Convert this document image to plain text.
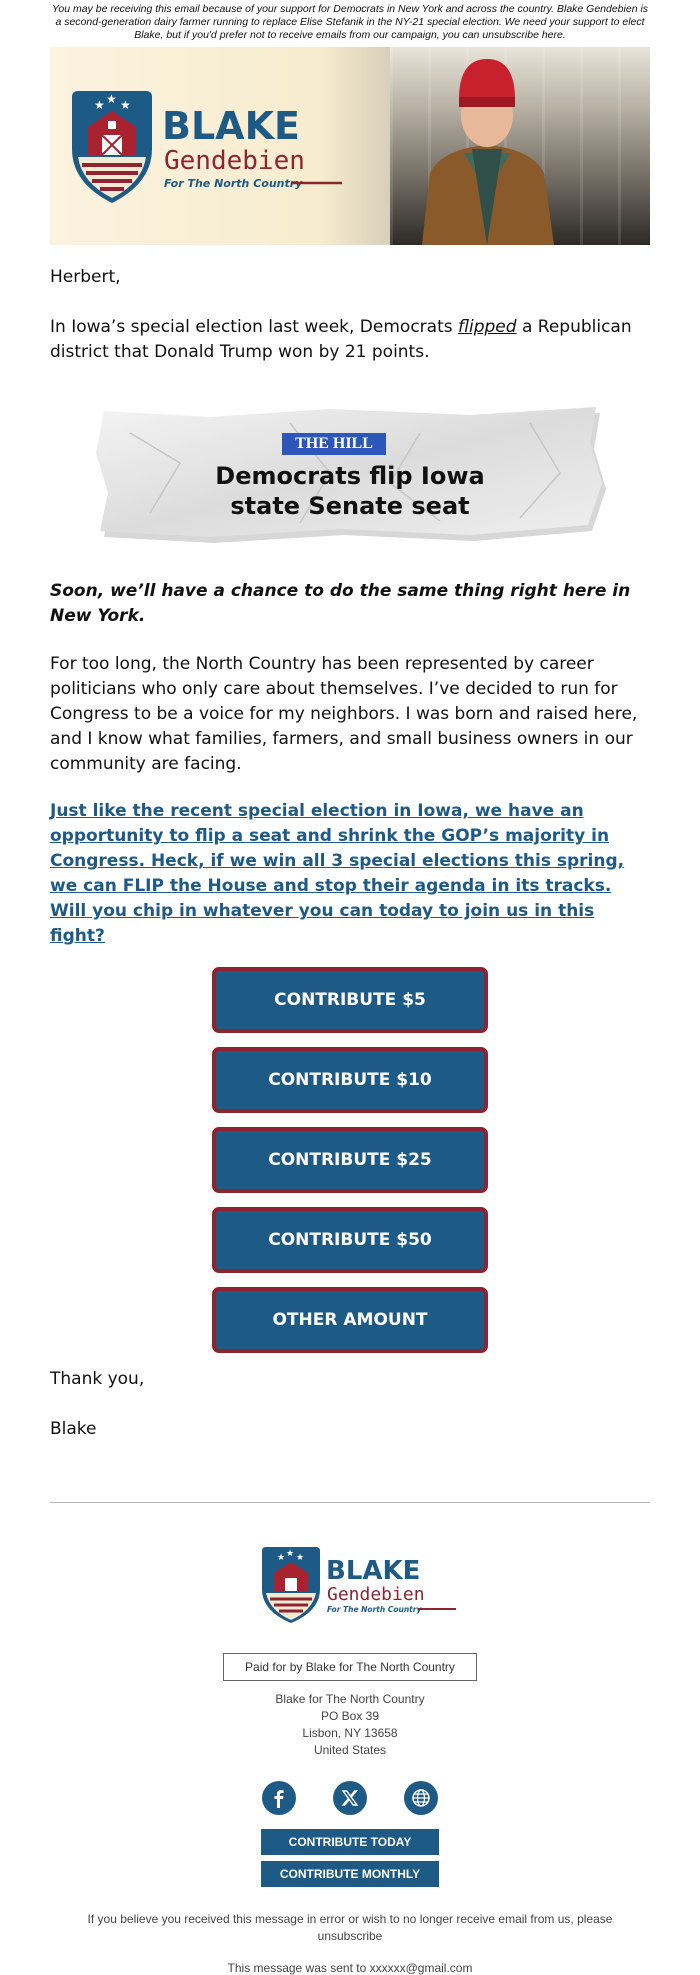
You may be receiving this email because of your support for Democrats in New York and across the country. Blake Gendebien is a second-generation dairy farmer running to replace Elise Stefanik in the NY-21 special election. We need your support to elect Blake, but if you'd prefer not to receive emails from our campaign, you can unsubscribe here.
★ ★ ★ BLAKE
Gendebien
For The North Country
Herbert,
In Iowa’s special election last week, Democrats flipped a Republican district that Donald Trump won by 21 points.
THE HILL
Democrats flip Iowa
state Senate seat
Soon, we’ll have a chance to do the same thing right here in New York.
For too long, the North Country has been represented by career politicians who only care about themselves. I’ve decided to run for Congress to be a voice for my neighbors. I was born and raised here, and I know what families, farmers, and small business owners in our community are facing.
Just like the recent special election in Iowa, we have an opportunity to flip a seat and shrink the GOP’s majority in Congress. Heck, if we win all 3 special elections this spring, we can FLIP the House and stop their agenda in its tracks. Will you chip in whatever you can today to join us in this fight?
CONTRIBUTE $5
CONTRIBUTE $10
CONTRIBUTE $25
CONTRIBUTE $50
OTHER AMOUNT
Thank you,
Blake
★ ★ ★ BLAKE
Gendebien
For The North Country
Paid for by Blake for The North Country
Blake for The North Country
PO Box 39
Lisbon, NY 13658
United States

CONTRIBUTE TODAY
CONTRIBUTE MONTHLY
If you believe you received this message in error or wish to no longer receive email from us, please unsubscribe
This message was sent to xxxxxx@gmail.com
